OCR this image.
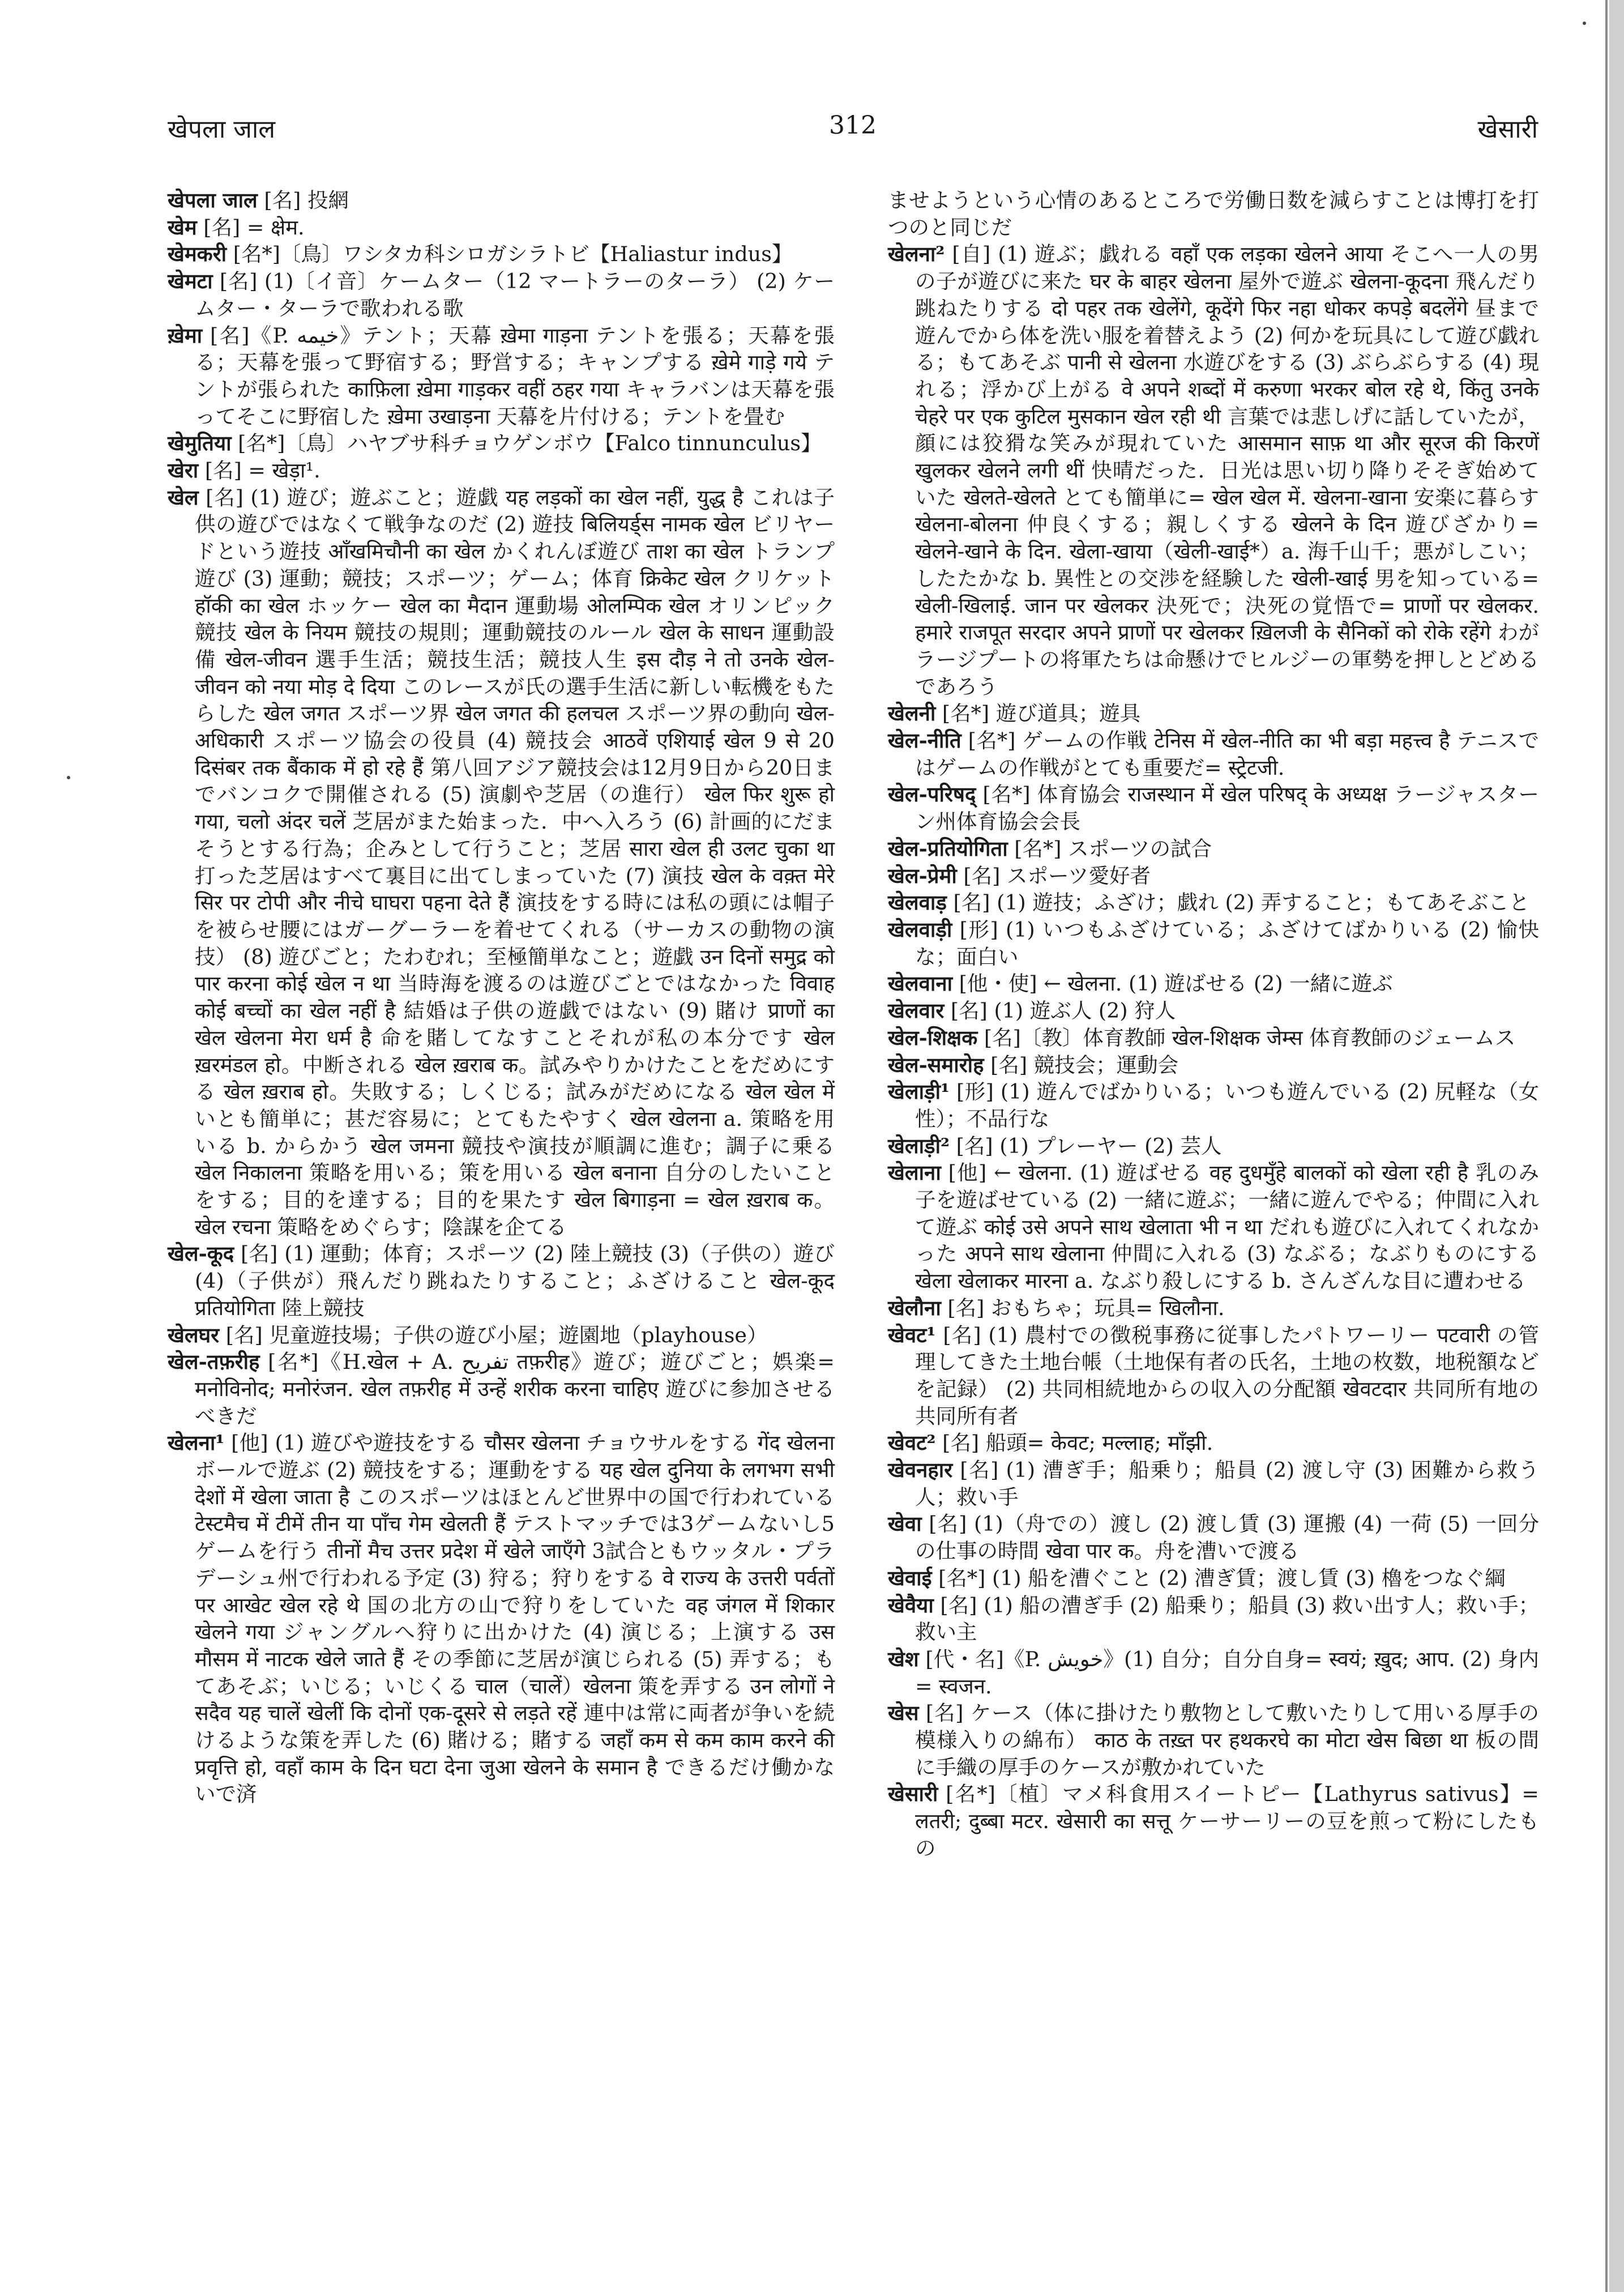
खेपला जाल	312	खेसारी
खेपला जाल [名] 投網
खेम [名] = क्षेम.
खेमकरी [名*]〔鳥〕ワシタカ科シロガシラトビ【Haliastur indus】
खेमटा [名] (1)〔イ音〕ケームター（12 マートラーのターラ） (2) ケームター・ターラで歌われる歌
ख़ेमा [名]《P. خيمه》テント；天幕 ख़ेमा गाड़ना テントを張る；天幕を張る；天幕を張って野宿する；野営する；キャンプする ख़ेमे गाड़े गये テントが張られた काफ़िला ख़ेमा गाड़कर वहीं ठहर गया キャラバンは天幕を張ってそこに野宿した ख़ेमा उखाड़ना 天幕を片付ける；テントを畳む
खेमुतिया [名*]〔鳥〕ハヤブサ科チョウゲンボウ【Falco tinnunculus】
खेरा [名] = खेड़ा¹.
खेल [名] (1) 遊び；遊ぶこと；遊戯 यह लड़कों का खेल नहीं, युद्ध है これは子供の遊びではなくて戦争なのだ (2) 遊技 बिलियर्ड्स नामक खेल ビリヤードという遊技 आँखमिचौनी का खेल かくれんぼ遊び ताश का खेल トランプ遊び (3) 運動；競技；スポーツ；ゲーム；体育 क्रिकेट खेल クリケット हॉकी का खेल ホッケー खेल का मैदान 運動場 ओलम्पिक खेल オリンピック競技 खेल के नियम 競技の規則；運動競技のルール खेल के साधन 運動設備 खेल-जीवन 選手生活；競技生活；競技人生 इस दौड़ ने तो उनके खेल-जीवन को नया मोड़ दे दिया このレースが氏の選手生活に新しい転機をもたらした खेल जगत スポーツ界 खेल जगत की हलचल スポーツ界の動向 खेल-अधिकारी スポーツ協会の役員 (4) 競技会 आठवें एशियाई खेल 9 से 20 दिसंबर तक बैंकाक में हो रहे हैं 第八回アジア競技会は12月9日から20日までバンコクで開催される (5) 演劇や芝居（の進行） खेल फिर शुरू हो गया, चलो अंदर चलें 芝居がまた始まった．中へ入ろう (6) 計画的にだまそうとする行為；企みとして行うこと；芝居 सारा खेल ही उलट चुका था 打った芝居はすべて裏目に出てしまっていた (7) 演技 खेल के वक़्त मेरे सिर पर टोपी और नीचे घाघरा पहना देते हैं 演技をする時には私の頭には帽子を被らせ腰にはガーグーラーを着せてくれる（サーカスの動物の演技） (8) 遊びごと；たわむれ；至極簡単なこと；遊戯 उन दिनों समुद्र को पार करना कोई खेल न था 当時海を渡るのは遊びごとではなかった विवाह कोई बच्चों का खेल नहीं है 結婚は子供の遊戯ではない (9) 賭け प्राणों का खेल खेलना मेरा धर्म है 命を賭してなすことそれが私の本分です खेल ख़रमंडल हो。中断される खेल ख़राब क。試みやりかけたことをだめにする खेल ख़राब हो。失敗する；しくじる；試みがだめになる खेल खेल में いとも簡単に；甚だ容易に；とてもたやすく खेल खेलना a. 策略を用いる b. からかう खेल जमना 競技や演技が順調に進む；調子に乗る खेल निकालना 策略を用いる；策を用いる खेल बनाना 自分のしたいことをする；目的を達する；目的を果たす खेल बिगाड़ना = खेल ख़राब क。 खेल रचना 策略をめぐらす；陰謀を企てる
खेल-कूद [名] (1) 運動；体育；スポーツ (2) 陸上競技 (3)（子供の）遊び (4)（子供が）飛んだり跳ねたりすること；ふざけること खेल-कूद प्रतियोगिता 陸上競技
खेलघर [名] 児童遊技場；子供の遊び小屋；遊園地（playhouse）
खेल-तफ़रीह [名*]《H.खेल + A. تفريح तफ़रीह》遊び；遊びごと；娯楽= मनोविनोद; मनोरंजन. खेल तफ़रीह में उन्हें शरीक करना चाहिए 遊びに参加させるべきだ
खेलना¹ [他] (1) 遊びや遊技をする चौसर खेलना チョウサルをする गेंद खेलना ボールで遊ぶ (2) 競技をする；運動をする यह खेल दुनिया के लगभग सभी देशों में खेला जाता है このスポーツはほとんど世界中の国で行われている टेस्टमैच में टीमें तीन या पाँच गेम खेलती हैं テストマッチでは3ゲームないし5ゲームを行う तीनों मैच उत्तर प्रदेश में खेले जाएँगे 3試合ともウッタル・プラデーシュ州で行われる予定 (3) 狩る；狩りをする वे राज्य के उत्तरी पर्वतों पर आखेट खेल रहे थे 国の北方の山で狩りをしていた वह जंगल में शिकार खेलने गया ジャングルへ狩りに出かけた (4) 演じる；上演する उस मौसम में नाटक खेले जाते हैं その季節に芝居が演じられる (5) 弄する；もてあそぶ；いじる；いじくる चाल（चालें）खेलना 策を弄する उन लोगों ने सदैव यह चालें खेलीं कि दोनों एक-दूसरे से लड़ते रहें 連中は常に両者が争いを続けるような策を弄した (6) 賭ける；賭する जहाँ कम से कम काम करने की प्रवृत्ति हो, वहाँ काम के दिन घटा देना जुआ खेलने के समान है できるだけ働かないで済
ませようという心情のあるところで労働日数を減らすことは博打を打つのと同じだ
खेलना² [自] (1) 遊ぶ；戯れる वहाँ एक लड़का खेलने आया そこへ一人の男の子が遊びに来た घर के बाहर खेलना 屋外で遊ぶ खेलना-कूदना 飛んだり跳ねたりする दो पहर तक खेलेंगे, कूदेंगे फिर नहा धोकर कपड़े बदलेंगे 昼まで遊んでから体を洗い服を着替えよう (2) 何かを玩具にして遊び戯れる；もてあそぶ पानी से खेलना 水遊びをする (3) ぶらぶらする (4) 現れる；浮かび上がる वे अपने शब्दों में करुणा भरकर बोल रहे थे, किंतु उनके चेहरे पर एक कुटिल मुसकान खेल रही थी 言葉では悲しげに話していたが，顔には狡猾な笑みが現れていた आसमान साफ़ था और सूरज की किरणें खुलकर खेलने लगी थीं 快晴だった．日光は思い切り降りそそぎ始めていた खेलते-खेलते とても簡単に= खेल खेल में. खेलना-खाना 安楽に暮らす खेलना-बोलना 仲良くする；親しくする खेलने के दिन 遊びざかり= खेलने-खाने के दिन. खेला-खाया（खेली-खाई*）a. 海千山千；悪がしこい；したたかな b. 異性との交渉を経験した खेली-खाई 男を知っている= खेली-खिलाई. जान पर खेलकर 決死で；決死の覚悟で= प्राणों पर खेलकर. हमारे राजपूत सरदार अपने प्राणों पर खेलकर ख़िलजी के सैनिकों को रोके रहेंगे わがラージプートの将軍たちは命懸けでヒルジーの軍勢を押しとどめるであろう
खेलनी [名*] 遊び道具；遊具
खेल-नीति [名*] ゲームの作戦 टेनिस में खेल-नीति का भी बड़ा महत्त्व है テニスではゲームの作戦がとても重要だ= स्ट्रेटजी.
खेल-परिषद् [名*] 体育協会 राजस्थान में खेल परिषद् के अध्यक्ष ラージャスターン州体育協会会長
खेल-प्रतियोगिता [名*] スポーツの試合
खेल-प्रेमी [名] スポーツ愛好者
खेलवाड़ [名] (1) 遊技；ふざけ；戯れ (2) 弄すること；もてあそぶこと
खेलवाड़ी [形] (1) いつもふざけている；ふざけてばかりいる (2) 愉快な；面白い
खेलवाना [他・使] ← खेलना. (1) 遊ばせる (2) 一緒に遊ぶ
खेलवार [名] (1) 遊ぶ人 (2) 狩人
खेल-शिक्षक [名]〔教〕体育教師 खेल-शिक्षक जेम्स 体育教師のジェームス
खेल-समारोह [名] 競技会；運動会
खेलाड़ी¹ [形] (1) 遊んでばかりいる；いつも遊んでいる (2) 尻軽な（女性）；不品行な
खेलाड़ी² [名] (1) プレーヤー (2) 芸人
खेलाना [他] ← खेलना. (1) 遊ばせる वह दुधमुँहे बालकों को खेला रही है 乳のみ子を遊ばせている (2) 一緒に遊ぶ；一緒に遊んでやる；仲間に入れて遊ぶ कोई उसे अपने साथ खेलाता भी न था だれも遊びに入れてくれなかった अपने साथ खेलाना 仲間に入れる (3) なぶる；なぶりものにする खेला खेलाकर मारना a. なぶり殺しにする b. さんざんな目に遭わせる
खेलौना [名] おもちゃ；玩具= खिलौना.
खेवट¹ [名] (1) 農村での徴税事務に従事したパトワーリー पटवारी の管理してきた土地台帳（土地保有者の氏名，土地の枚数，地税額などを記録） (2) 共同相続地からの収入の分配額 खेवटदार 共同所有地の共同所有者
खेवट² [名] 船頭= केवट; मल्लाह; माँझी.
खेवनहार [名] (1) 漕ぎ手；船乗り；船員 (2) 渡し守 (3) 困難から救う人；救い手
खेवा [名] (1)（舟での）渡し (2) 渡し賃 (3) 運搬 (4) 一荷 (5) 一回分の仕事の時間 खेवा पार क。舟を漕いで渡る
खेवाई [名*] (1) 船を漕ぐこと (2) 漕ぎ賃；渡し賃 (3) 櫓をつなぐ綱
खेवैया [名] (1) 船の漕ぎ手 (2) 船乗り；船員 (3) 救い出す人；救い手；救い主
खेश [代・名]《P. خويش》(1) 自分；自分自身= स्वयं; ख़ुद; आप. (2) 身内= स्वजन.
खेस [名] ケース（体に掛けたり敷物として敷いたりして用いる厚手の模様入りの綿布） काठ के तख़्त पर हथकरघे का मोटा खेस बिछा था 板の間に手織の厚手のケースが敷かれていた
खेसारी [名*]〔植〕マメ科食用スイートピー【Lathyrus sativus】= लतरी; दुब्बा मटर. खेसारी का सत्तू ケーサーリーの豆を煎って粉にしたもの
